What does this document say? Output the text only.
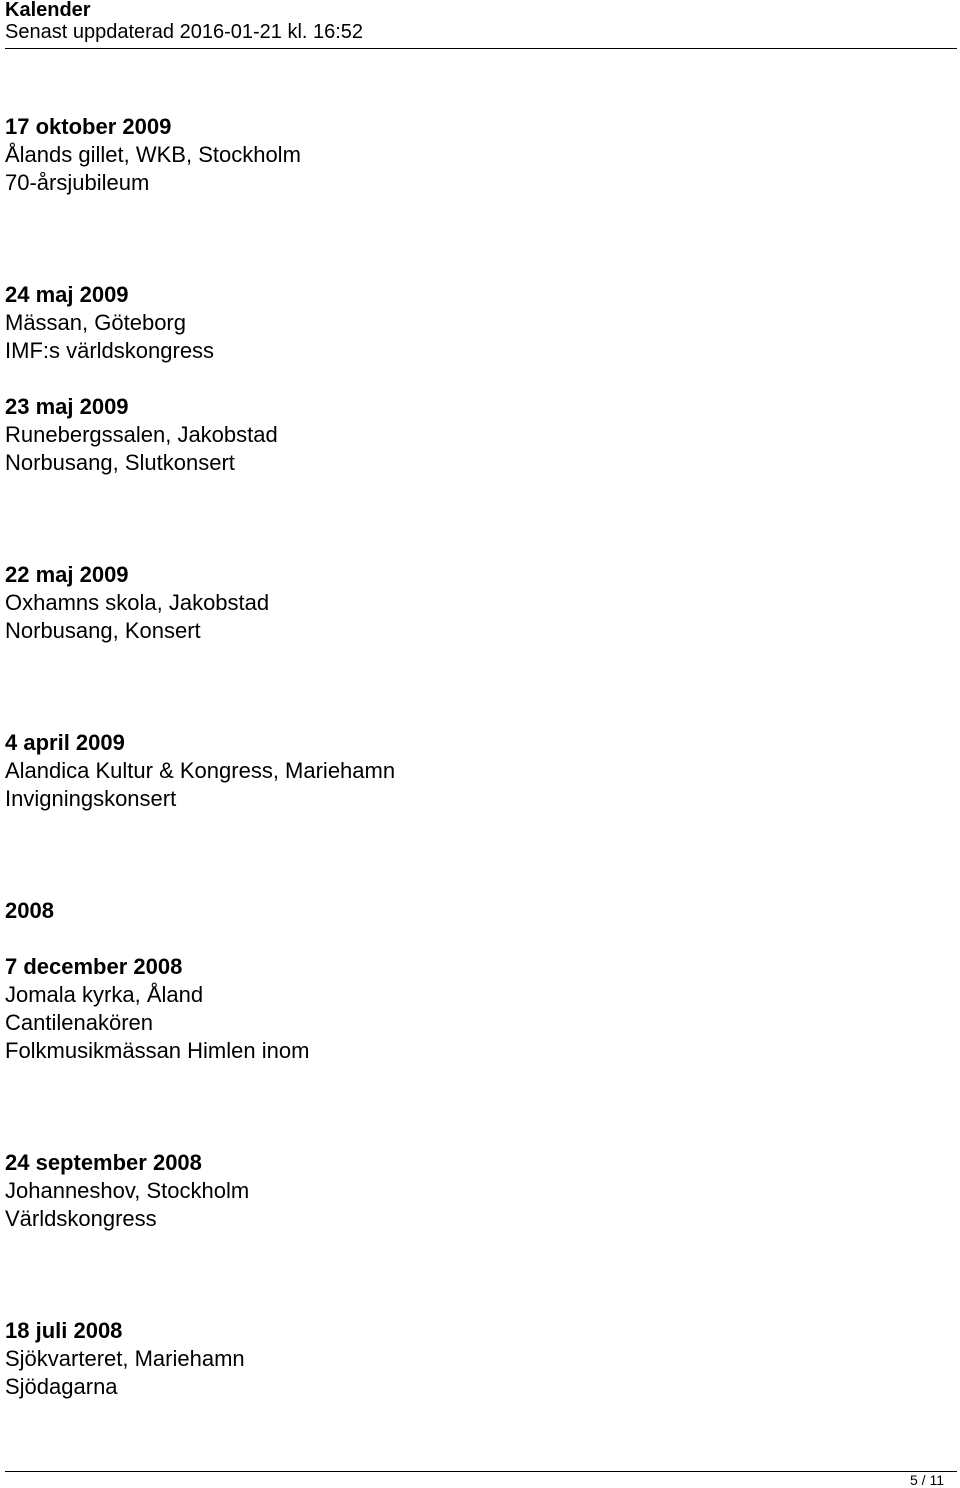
Kalender
Senast uppdaterad 2016-01-21 kl. 16:52
17 oktober 2009
Ålands gillet, WKB, Stockholm
70-årsjubileum
24 maj 2009
Mässan, Göteborg
IMF:s världskongress
23 maj 2009
Runebergssalen, Jakobstad
Norbusang, Slutkonsert
22 maj 2009
Oxhamns skola, Jakobstad
Norbusang, Konsert
4 april 2009
Alandica Kultur & Kongress, Mariehamn
Invigningskonsert
2008
7 december 2008
Jomala kyrka, Åland
Cantilenakören
Folkmusikmässan Himlen inom
24 september 2008
Johanneshov, Stockholm
Världskongress
18 juli 2008
Sjökvarteret, Mariehamn
Sjödagarna
5 / 11
